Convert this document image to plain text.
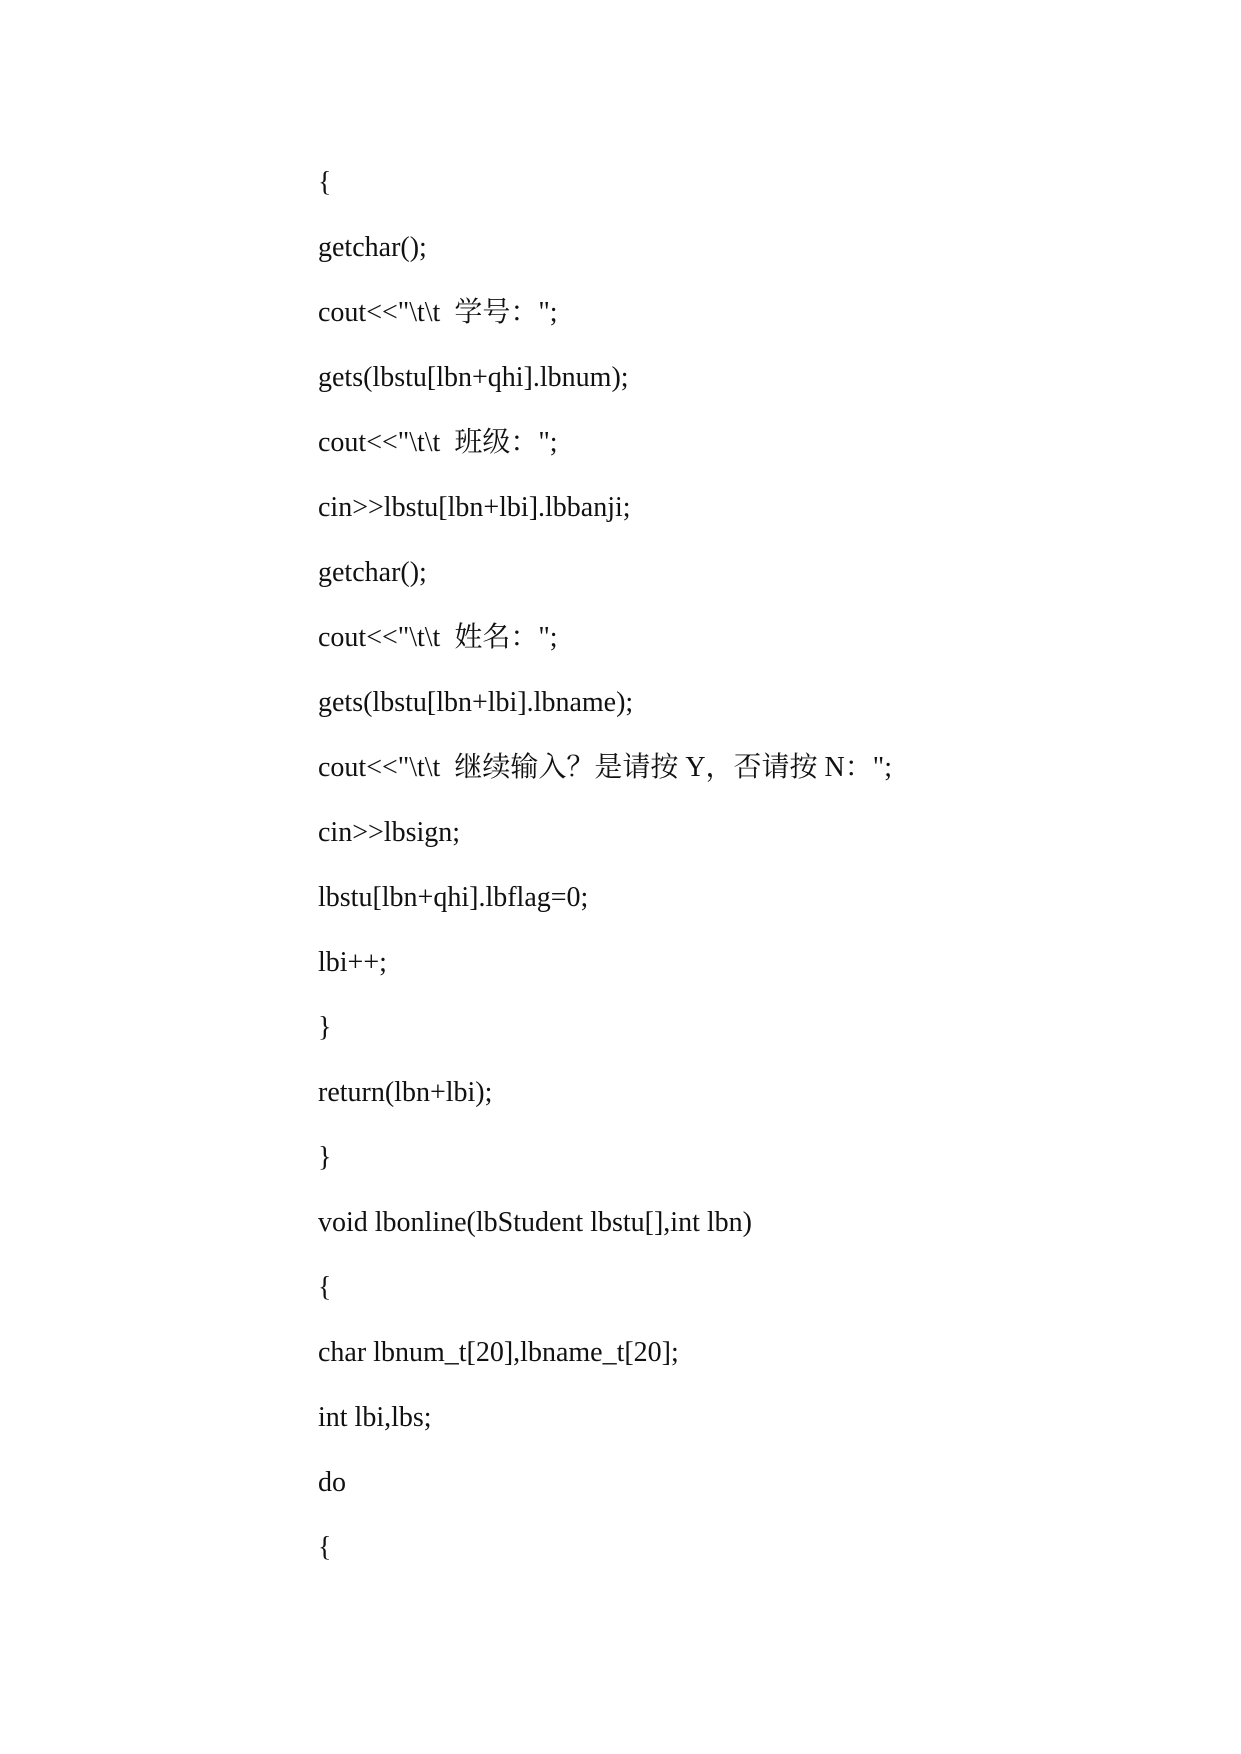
{
getchar();
cout<<"\t\t  学号：";
gets(lbstu[lbn+qhi].lbnum);
cout<<"\t\t  班级：";
cin>>lbstu[lbn+lbi].lbbanji;
getchar();
cout<<"\t\t  姓名：";
gets(lbstu[lbn+lbi].lbname);
cout<<"\t\t  继续输入？是请按 Y，否请按 N：";
cin>>lbsign;
lbstu[lbn+qhi].lbflag=0;
lbi++;
}
return(lbn+lbi);
}
void lbonline(lbStudent lbstu[],int lbn)
{
char lbnum_t[20],lbname_t[20];
int lbi,lbs;
do
{
